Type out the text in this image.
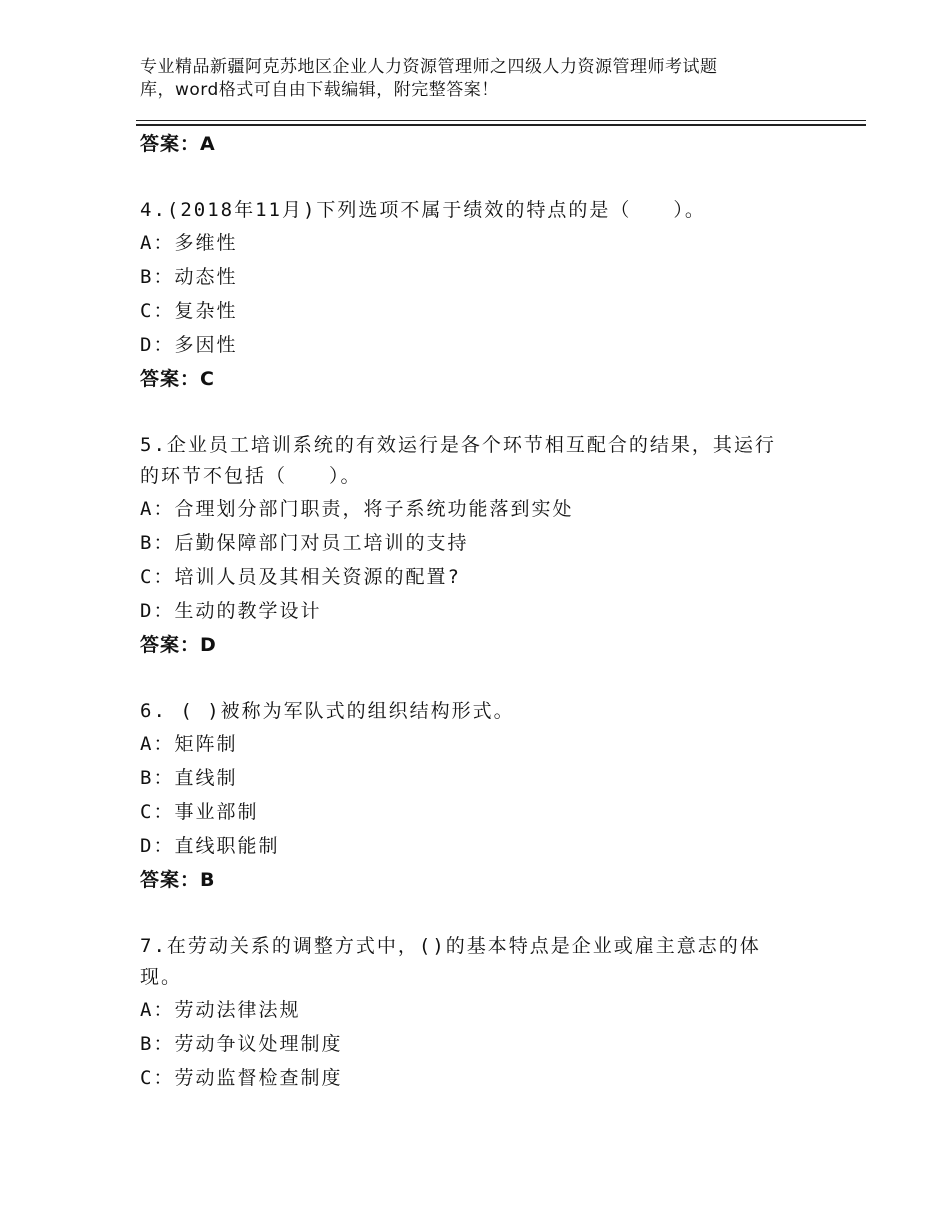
专业精品新疆阿克苏地区企业人力资源管理师之四级人力资源管理师考试题
库，word格式可自由下载编辑，附完整答案！
答案：A
4.(2018年11月)下列选项不属于绩效的特点的是（　　）。
A：多维性
B：动态性
C：复杂性
D：多因性
答案：C
5.企业员工培训系统的有效运行是各个环节相互配合的结果，其运行
的环节不包括（　　）。
A：合理划分部门职责，将子系统功能落到实处
B：后勤保障部门对员工培训的支持
C：培训人员及其相关资源的配置?
D：生动的教学设计
答案：D
6. ( )被称为军队式的组织结构形式。
A：矩阵制
B：直线制
C：事业部制
D：直线职能制
答案：B
7.在劳动关系的调整方式中，()的基本特点是企业或雇主意志的体
现。
A：劳动法律法规
B：劳动争议处理制度
C：劳动监督检查制度
